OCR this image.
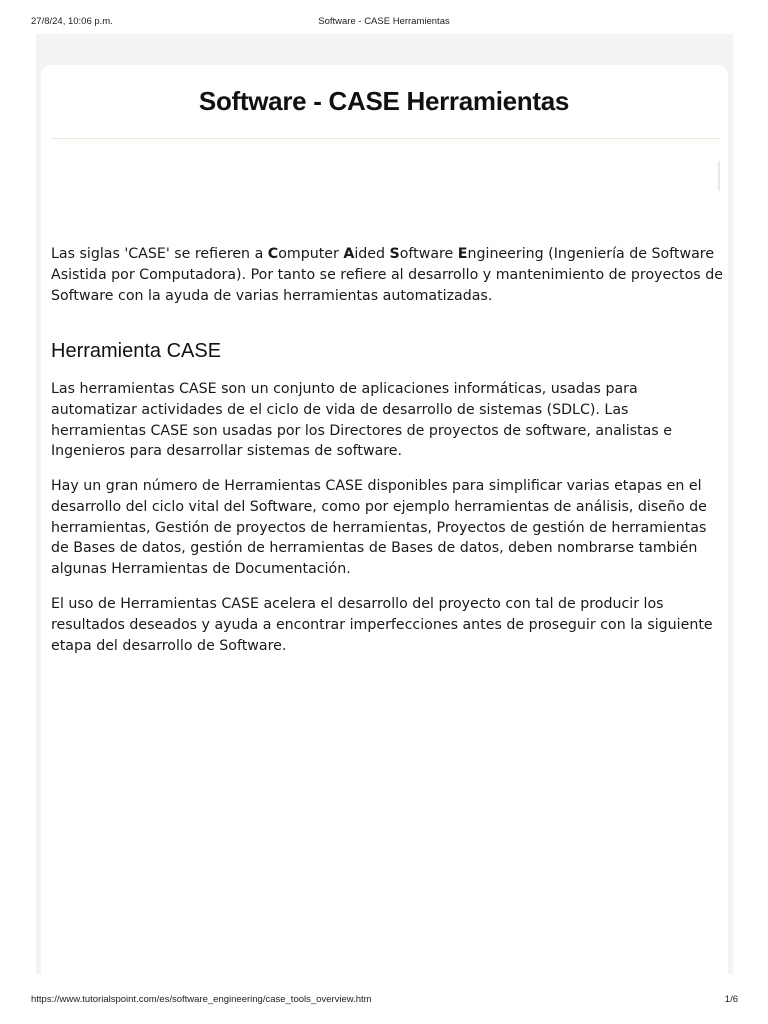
27/8/24, 10:06 p.m.	Software - CASE Herramientas
Software - CASE Herramientas

Las siglas 'CASE' se refieren a Computer Aided Software Engineering (Ingeniería de Software Asistida por Computadora). Por tanto se refiere al desarrollo y mantenimiento de proyectos de Software con la ayuda de varias herramientas automatizadas.

Herramienta CASE

Las herramientas CASE son un conjunto de aplicaciones informáticas, usadas para automatizar actividades de el ciclo de vida de desarrollo de sistemas (SDLC). Las herramientas CASE son usadas por los Directores de proyectos de software, analistas e Ingenieros para desarrollar sistemas de software.

Hay un gran número de Herramientas CASE disponibles para simplificar varias etapas en el desarrollo del ciclo vital del Software, como por ejemplo herramientas de análisis, diseño de herramientas, Gestión de proyectos de herramientas, Proyectos de gestión de herramientas de Bases de datos, gestión de herramientas de Bases de datos, deben nombrarse también algunas Herramientas de Documentación.

El uso de Herramientas CASE acelera el desarrollo del proyecto con tal de producir los resultados deseados y ayuda a encontrar imperfecciones antes de proseguir con la siguiente etapa del desarrollo de Software.

https://www.tutorialspoint.com/es/software_engineering/case_tools_overview.htm	1/6
